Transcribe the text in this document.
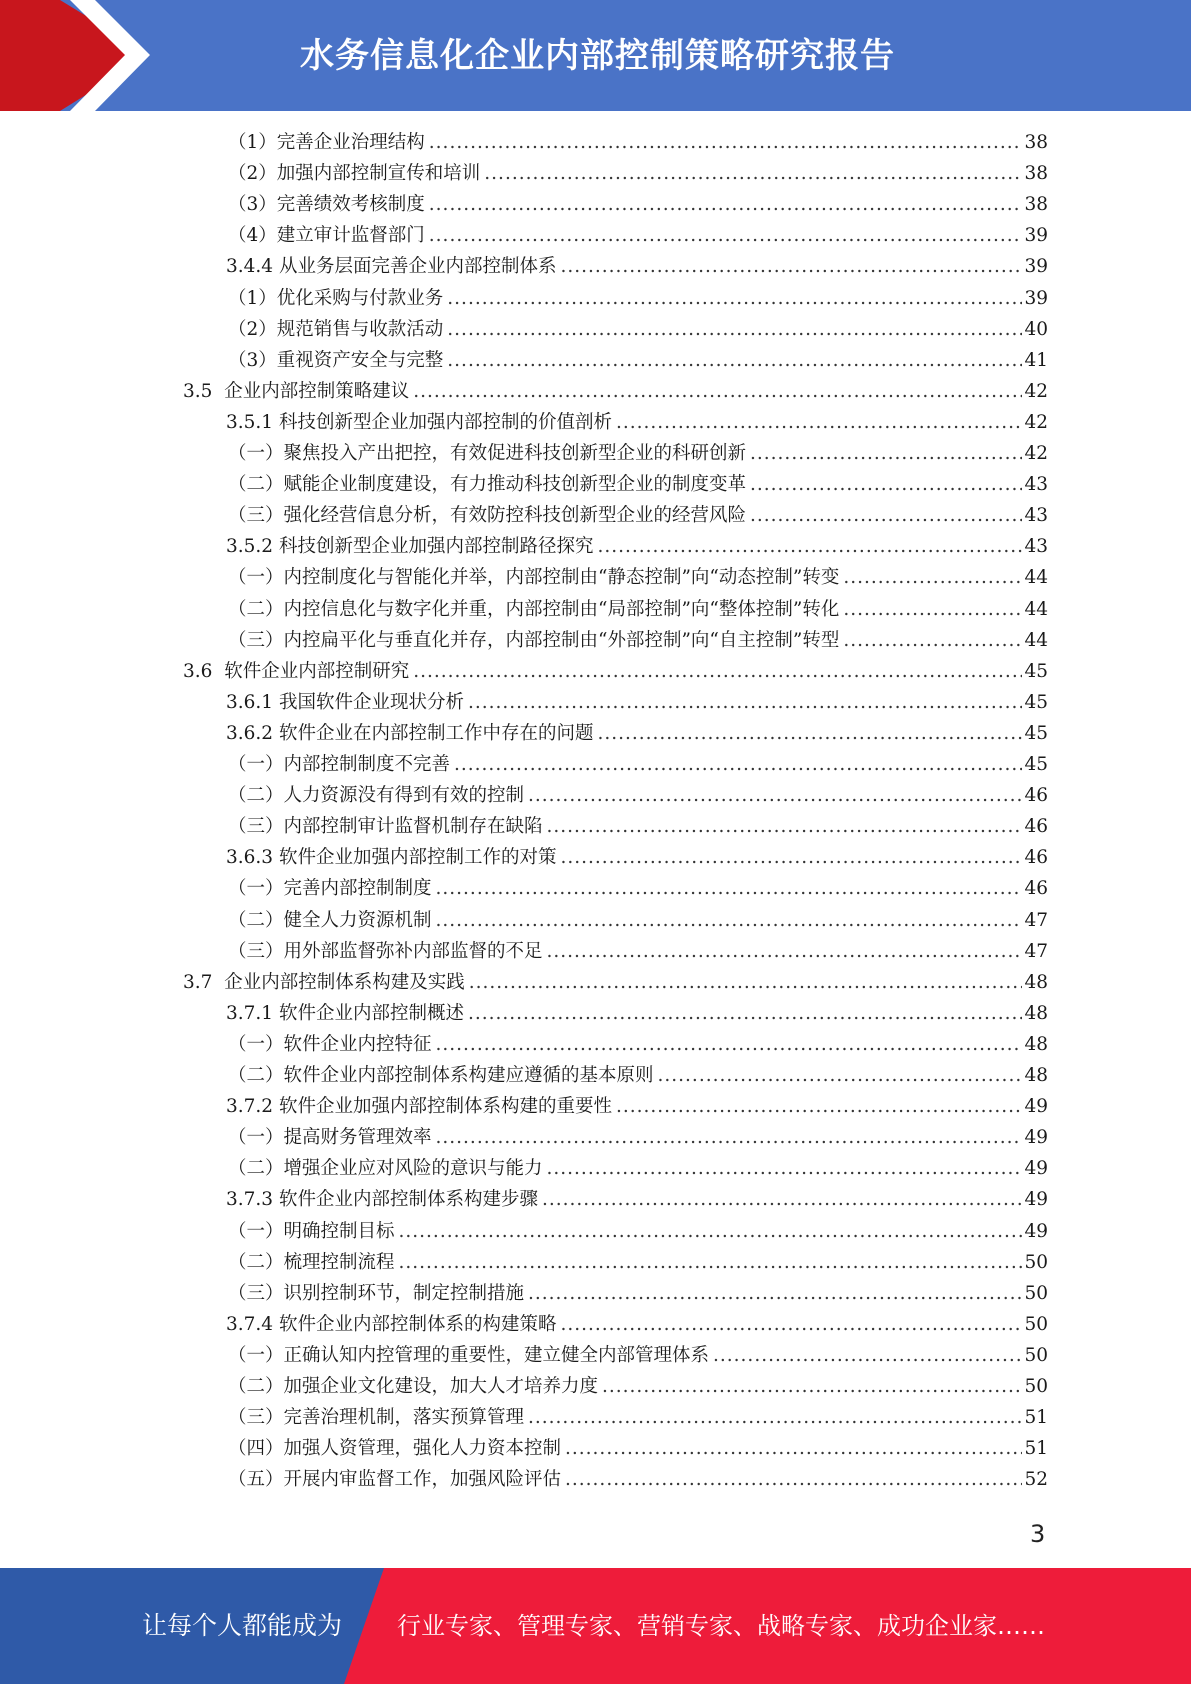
水务信息化企业内部控制策略研究报告
（1） 完善企业治理结构 .....	38
（2） 加强内部控制宣传和培训 .....	38
（3） 完善绩效考核制度 .....	38
（4） 建立审计监督部门 .....	39
3.4.4 从业务层面完善企业内部控制体系 .....	39
（1） 优化采购与付款业务 .....	39
（2） 规范销售与收款活动 .....	40
（3） 重视资产安全与完整 .....	41
3.5 企业内部控制策略建议 .....	42
3.5.1 科技创新型企业加强内部控制的价值剖析 .....	42
（一） 聚焦投入产出把控，有效促进科技创新型企业的科研创新 .....	42
（二） 赋能企业制度建设，有力推动科技创新型企业的制度变革 .....	43
（三） 强化经营信息分析，有效防控科技创新型企业的经营风险 .....	43
3.5.2 科技创新型企业加强内部控制路径探究 .....	43
（一） 内控制度化与智能化并举，内部控制由“静态控制”向“动态控制”转变 .....	44
（二） 内控信息化与数字化并重，内部控制由“局部控制”向“整体控制”转化 .....	44
（三） 内控扁平化与垂直化并存，内部控制由“外部控制”向“自主控制”转型 .....	44
3.6 软件企业内部控制研究 .....	45
3.6.1 我国软件企业现状分析 .....	45
3.6.2 软件企业在内部控制工作中存在的问题 .....	45
（一） 内部控制制度不完善 .....	45
（二） 人力资源没有得到有效的控制 .....	46
（三） 内部控制审计监督机制存在缺陷 .....	46
3.6.3 软件企业加强内部控制工作的对策 .....	46
（一） 完善内部控制制度 .....	46
（二） 健全人力资源机制 .....	47
（三） 用外部监督弥补内部监督的不足 .....	47
3.7 企业内部控制体系构建及实践 .....	48
3.7.1 软件企业内部控制概述 .....	48
（一） 软件企业内控特征 .....	48
（二） 软件企业内部控制体系构建应遵循的基本原则 .....	48
3.7.2 软件企业加强内部控制体系构建的重要性 .....	49
（一） 提高财务管理效率 .....	49
（二） 增强企业应对风险的意识与能力 .....	49
3.7.3 软件企业内部控制体系构建步骤 .....	49
（一） 明确控制目标 .....	49
（二） 梳理控制流程 .....	50
（三） 识别控制环节，制定控制措施 .....	50
3.7.4 软件企业内部控制体系的构建策略 .....	50
（一） 正确认知内控管理的重要性，建立健全内部管理体系 .....	50
（二） 加强企业文化建设，加大人才培养力度 .....	50
（三） 完善治理机制，落实预算管理 .....	51
（四） 加强人资管理，强化人力资本控制 .....	51
（五） 开展内审监督工作，加强风险评估 .....	52
3
让每个人都能成为 行业专家、管理专家、营销专家、战略专家、成功企业家……
